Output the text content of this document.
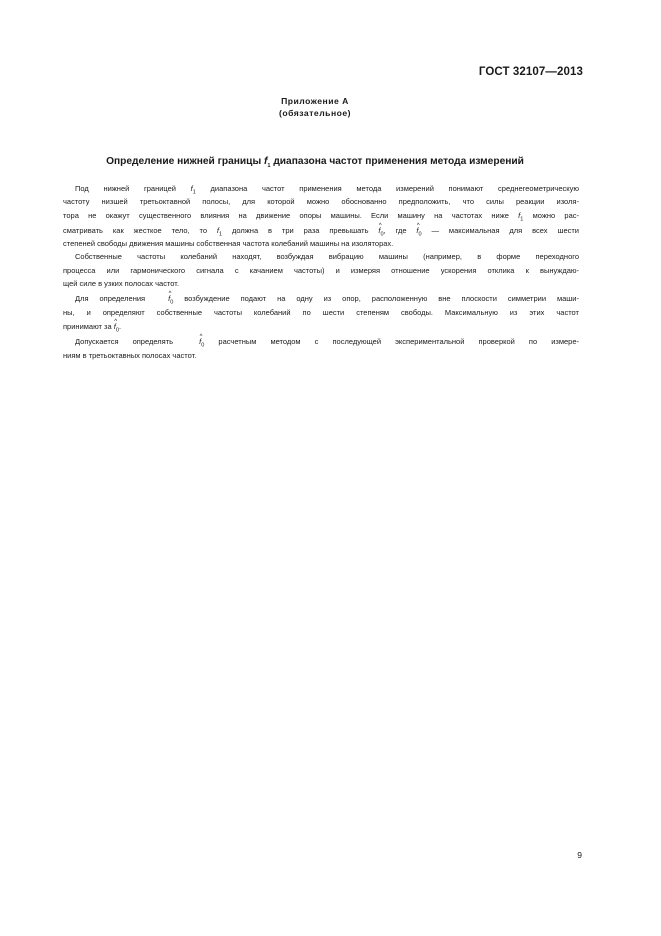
ГОСТ 32107—2013
Приложение А
(обязательное)
Определение нижней границы $f_1$ диапазона частот применения метода измерений
Под нижней границей $f_1$ диапазона частот применения метода измерений понимают среднегеометрическую
частоту низшей третьоктавной полосы, для которой можно обоснованно предположить, что силы реакции изоля-
тора не окажут существенного влияния на движение опоры машины. Если машину на частотах ниже $f_1$ можно рас-
сматривать как жесткое тело, то $f_1$ должна в три раза превышать ^ $f_0$, где ^ $f_0$ — максимальная для всех шести
степеней свободы движения машины собственная частота колебаний машины на изоляторах.
Собственные частоты колебаний находят, возбуждая вибрацию машины (например, в форме переходного
процесса или гармонического сигнала с качанием частоты) и измеряя отношение ускорения отклика к вынуждаю-
щей силе в узких полосах частот.
Для определения ^ $f_0$ возбуждение подают на одну из опор, расположенную вне плоскости симметрии маши-
ны, и определяют собственные частоты колебаний по шести степеням свободы. Максимальную из этих частот
принимают за ^ $f_0$.
Допускается определять ^ $f_0$ расчетным методом с последующей экспериментальной проверкой по измере-
ниям в третьоктавных полосах частот.
9
